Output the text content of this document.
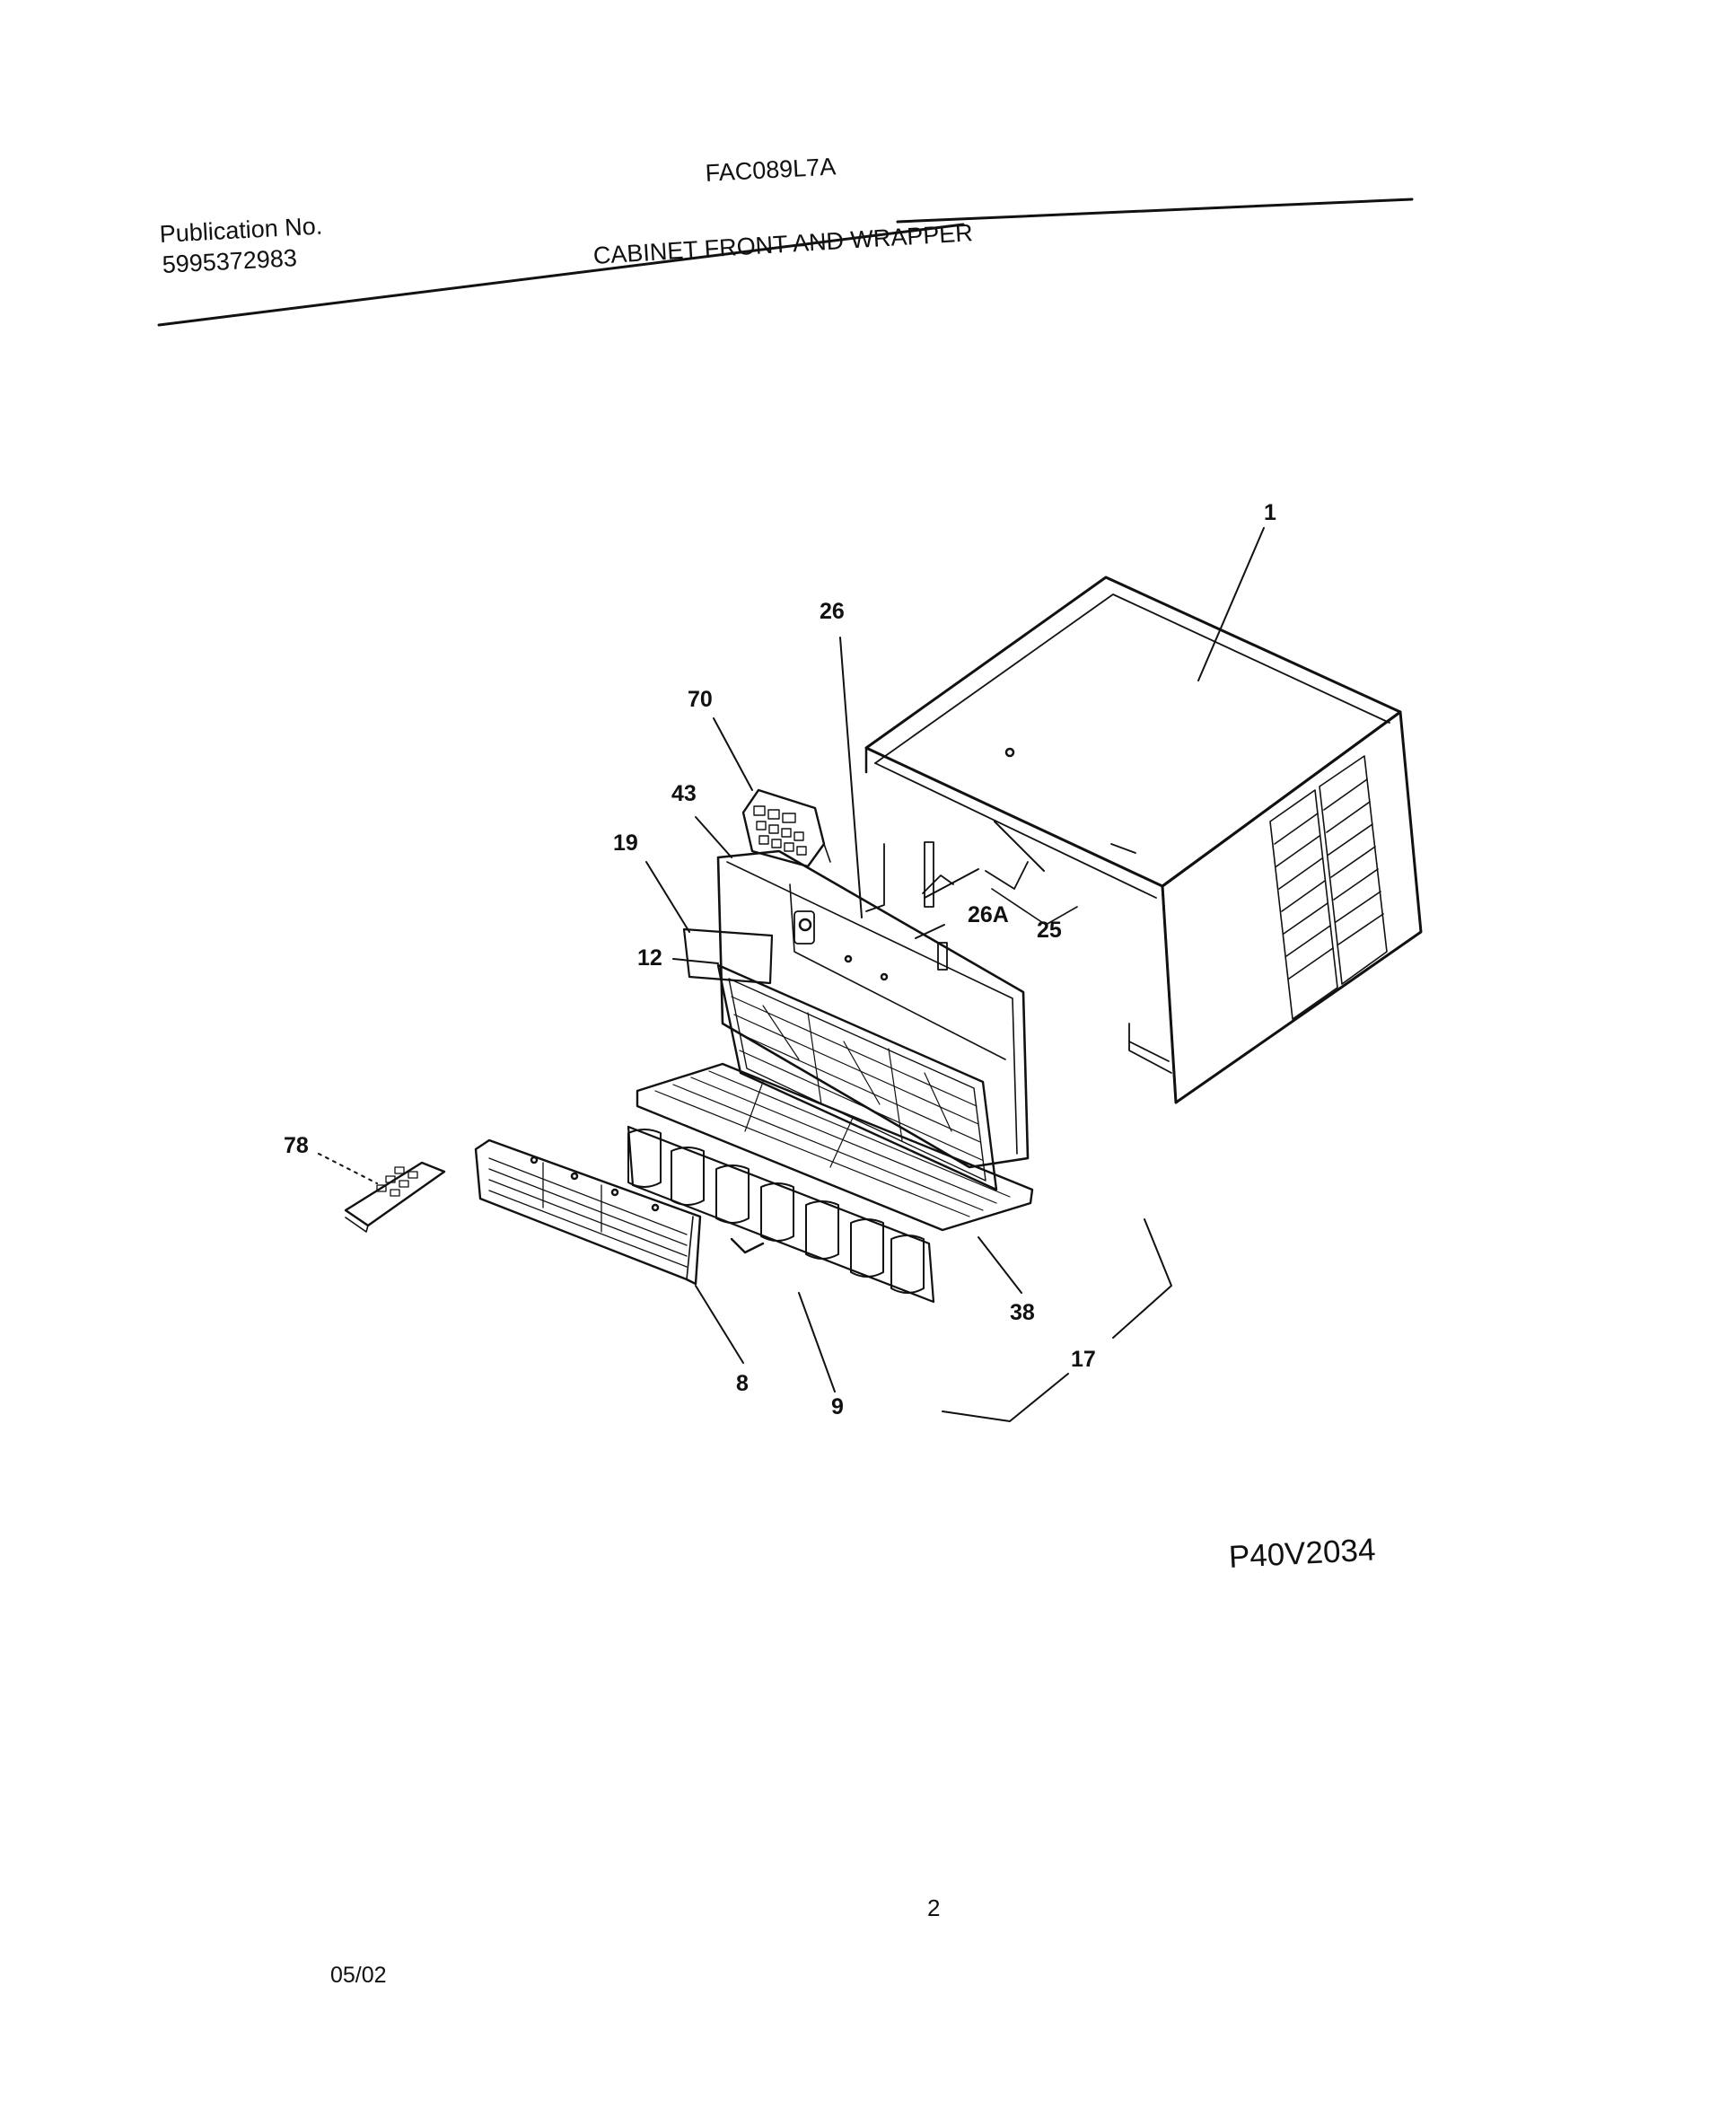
FAC089L7A
Publication No.
5995372983	CABINET FRONT AND WRAPPER
1
26
70
43
19
12
26A
25
78
38
17
8
9
P40V2034
2
05/02
